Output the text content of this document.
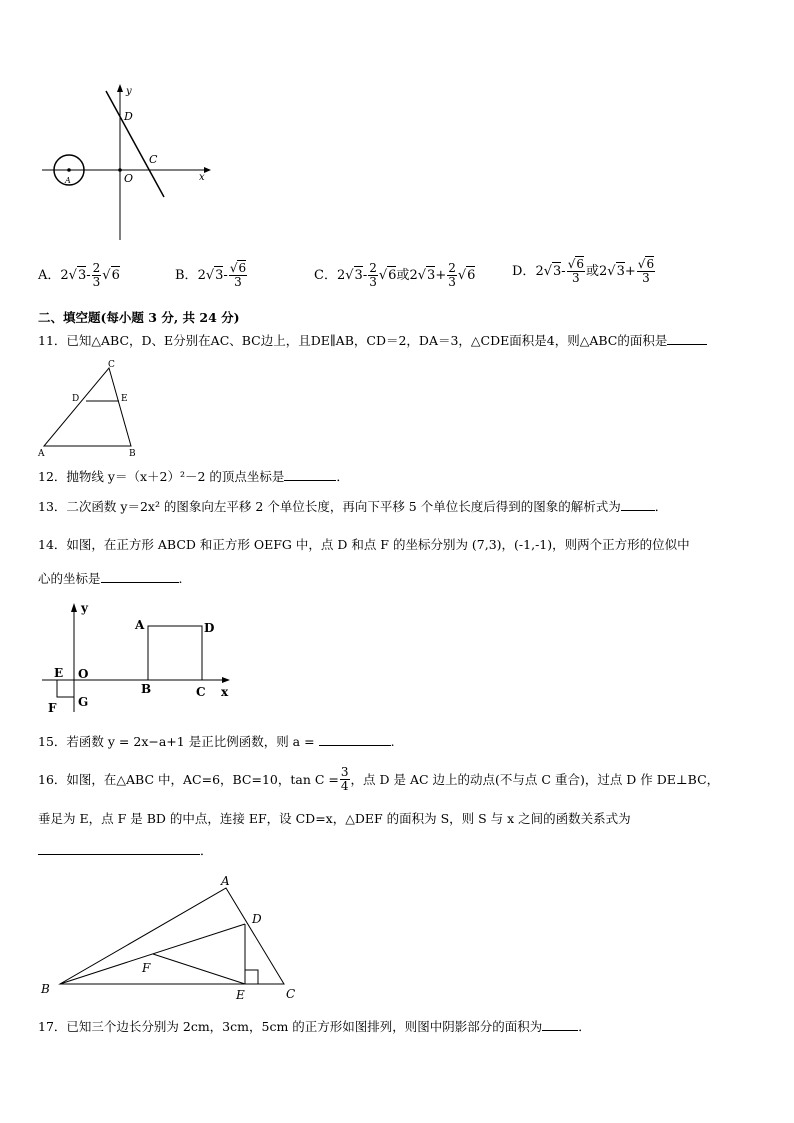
y
D
C
O	x
A
A． 2 √ $3 - \frac{2}{3}$ √ 6	B． 2 √ $3 - \frac{√6}{3}$	C． 2 √ $3 - \frac{2}{3}$ √ 6 或 2 √ $3 + \frac{2}{3}$ √ 6	D． 2 √ $3 - \frac{√6}{3}$ 或 2 √ $3 + \frac{√6}{3}$
二、填空题(每小题 3 分, 共 24 分)
11．已知△ABC，D、E分别在AC、BC边上，且DE∥AB，CD＝2，DA＝3，△CDE面积是4，则△ABC的面积是
C
D	E
A	B
12．抛物线 y＝（x＋2）²－2 的顶点坐标是	．
13．二次函数 y＝2x² 的图象向左平移 2 个单位长度，再向下平移 5 个单位长度后得到的图象的解析式为	．
14．如图，在正方形 ABCD 和正方形 OEFG 中，点 D 和点 F 的坐标分别为 (7,3)，(-1,-1)，则两个正方形的位似中
心的坐标是	.
y
A	D
E O
B	C x
F G
15．若函数 y = 2x−a+1 是正比例函数，则 a =	.
16．如图，在△ABC 中，AC=6，BC=10，$\tan C = \frac{3}{4}$ ，点 D 是 AC 边上的动点(不与点 C 重合)，过点 D 作 DE⊥BC，
垂足为 E，点 F 是 BD 的中点，连接 EF，设 CD=x，△DEF 的面积为 S，则 S 与 x 之间的函数关系式为
．
A
D
F
B	E	C
17．已知三个边长分别为 2cm，3cm，5cm 的正方形如图排列，则图中阴影部分的面积为	．
